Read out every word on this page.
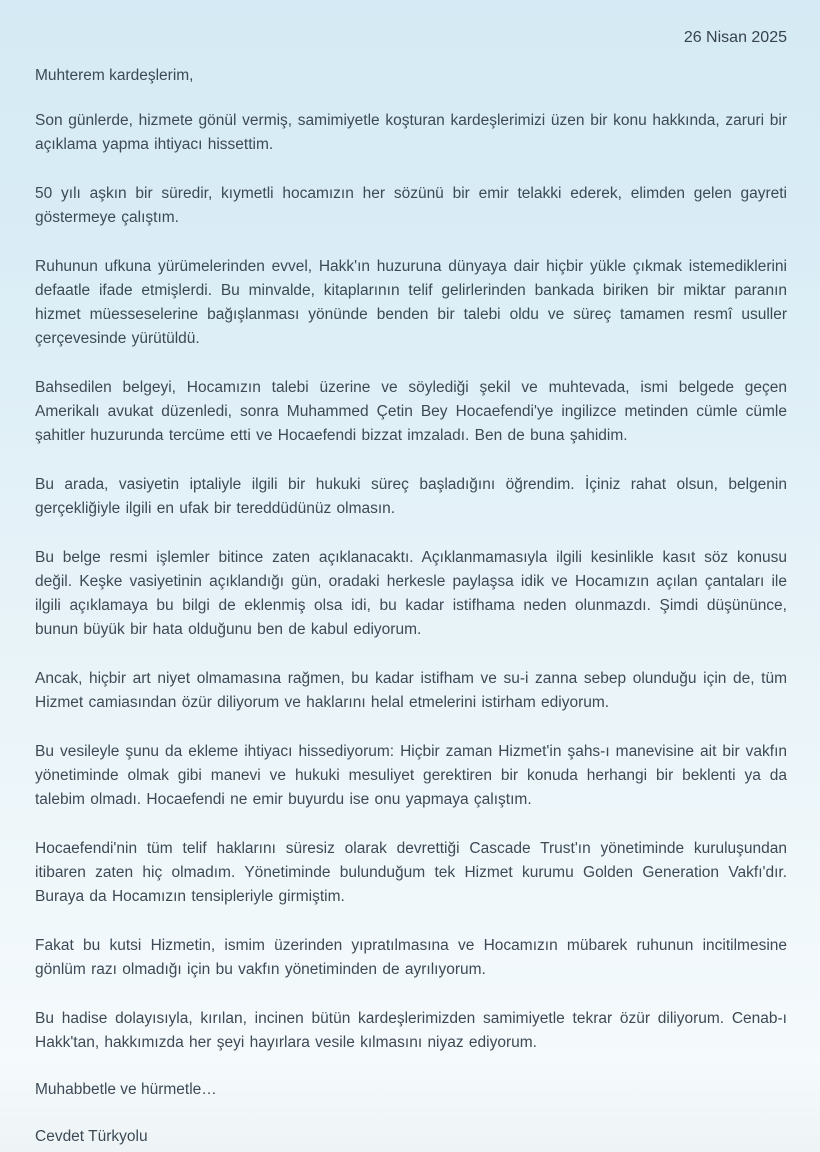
26 Nisan 2025
Muhterem kardeşlerim,

Son günlerde, hizmete gönül vermiş, samimiyetle koşturan kardeşlerimizi üzen bir konu hakkında, zaruri bir açıklama yapma ihtiyacı hissettim.

50 yılı aşkın bir süredir, kıymetli hocamızın her sözünü bir emir telakki ederek, elimden gelen gayreti göstermeye çalıştım.

Ruhunun ufkuna yürümelerinden evvel, Hakk'ın huzuruna dünyaya dair hiçbir yükle çıkmak istemediklerini defaatle ifade etmişlerdi. Bu minvalde, kitaplarının telif gelirlerinden bankada biriken bir miktar paranın hizmet müesseselerine bağışlanması yönünde benden bir talebi oldu ve süreç tamamen resmî usuller çerçevesinde yürütüldü.

Bahsedilen belgeyi, Hocamızın talebi üzerine ve söylediği şekil ve muhtevada, ismi belgede geçen Amerikalı avukat düzenledi, sonra Muhammed Çetin Bey Hocaefendi'ye ingilizce metinden cümle cümle şahitler huzurunda tercüme etti ve Hocaefendi bizzat imzaladı. Ben de buna şahidim.

Bu arada, vasiyetin iptaliyle ilgili bir hukuki süreç başladığını öğrendim. İçiniz rahat olsun, belgenin gerçekliğiyle ilgili en ufak bir tereddüdünüz olmasın.

Bu belge resmi işlemler bitince zaten açıklanacaktı. Açıklanmamasıyla ilgili kesinlikle kasıt söz konusu değil. Keşke vasiyetinin açıklandığı gün, oradaki herkesle paylaşsa idik ve Hocamızın açılan çantaları ile ilgili açıklamaya bu bilgi de eklenmiş olsa idi, bu kadar istifhama neden olunmazdı. Şimdi düşününce, bunun büyük bir hata olduğunu ben de kabul ediyorum.

Ancak, hiçbir art niyet olmamasına rağmen, bu kadar istifham ve su-i zanna sebep olunduğu için de, tüm Hizmet camiasından özür diliyorum ve haklarını helal etmelerini istirham ediyorum.

Bu vesileyle şunu da ekleme ihtiyacı hissediyorum: Hiçbir zaman Hizmet'in şahs-ı manevisine ait bir vakfın yönetiminde olmak gibi manevi ve hukuki mesuliyet gerektiren bir konuda herhangi bir beklenti ya da talebim olmadı. Hocaefendi ne emir buyurdu ise onu yapmaya çalıştım.

Hocaefendi'nin tüm telif haklarını süresiz olarak devrettiği Cascade Trust'ın yönetiminde kuruluşundan itibaren zaten hiç olmadım. Yönetiminde bulunduğum tek Hizmet kurumu Golden Generation Vakfı'dır. Buraya da Hocamızın tensipleriyle girmiştim.

Fakat bu kutsi Hizmetin, ismim üzerinden yıpratılmasına ve Hocamızın mübarek ruhunun incitilmesine gönlüm razı olmadığı için bu vakfın yönetiminden de ayrılıyorum.

Bu hadise dolayısıyla, kırılan, incinen bütün kardeşlerimizden samimiyetle tekrar özür diliyorum. Cenab-ı Hakk'tan, hakkımızda her şeyi hayırlara vesile kılmasını niyaz ediyorum.

Muhabbetle ve hürmetle…
Cevdet Türkyolu
